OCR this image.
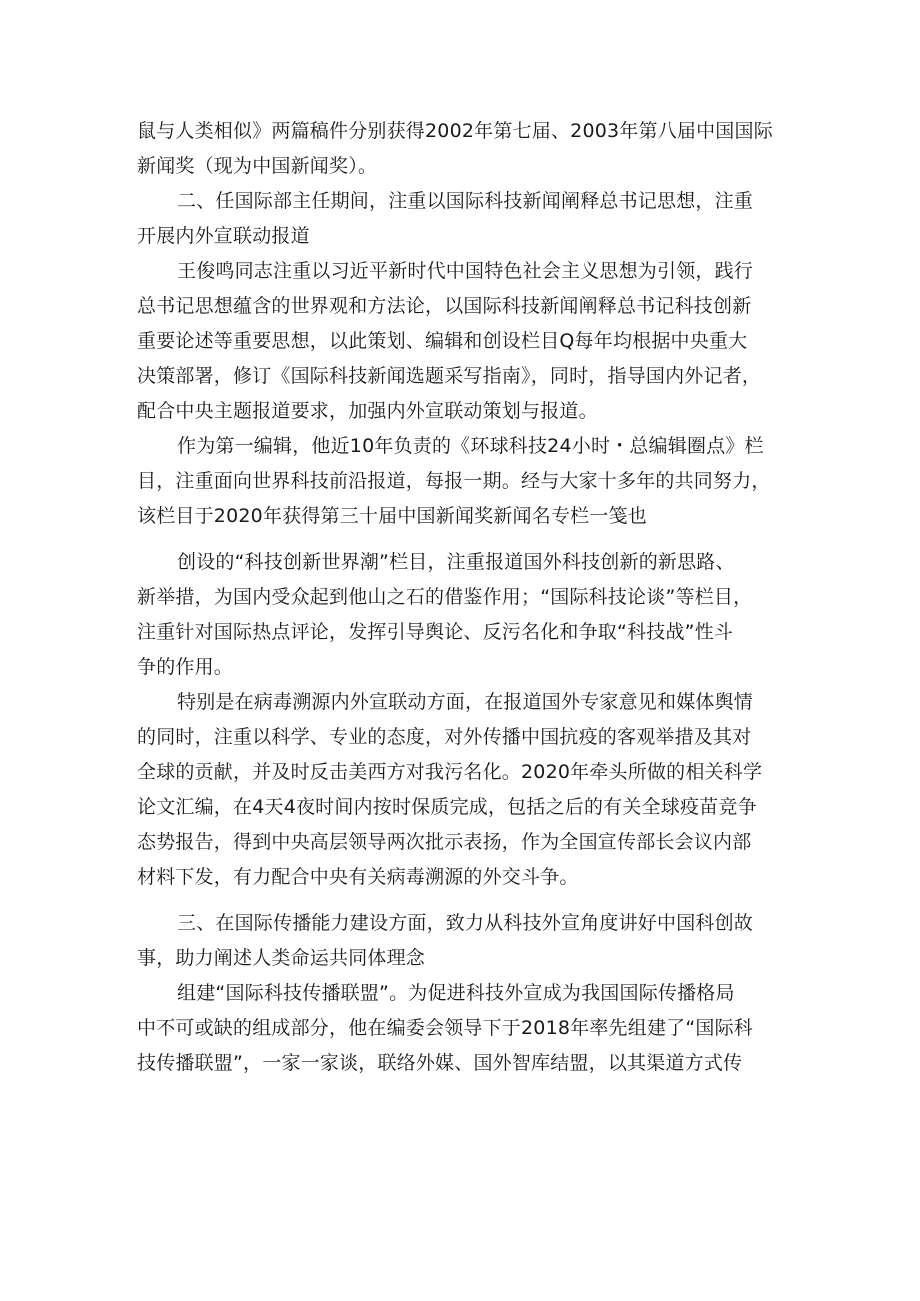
鼠与人类相似》两篇稿件分别获得2002年第七届、2003年第八届中国国际
新闻奖（现为中国新闻奖）。

二、任国际部主任期间，注重以国际科技新闻阐释总书记思想，注重
开展内外宣联动报道

王俊鸣同志注重以习近平新时代中国特色社会主义思想为引领，践行
总书记思想蕴含的世界观和方法论，以国际科技新闻阐释总书记科技创新
重要论述等重要思想，以此策划、编辑和创设栏目Q每年均根据中央重大
决策部署，修订《国际科技新闻选题采写指南》，同时，指导国内外记者，
配合中央主题报道要求，加强内外宣联动策划与报道。

作为第一编辑，他近10年负责的《环球科技24小时・总编辑圈点》栏
目，注重面向世界科技前沿报道，每报一期。经与大家十多年的共同努力，
该栏目于2020年获得第三十届中国新闻奖新闻名专栏一笺也

创设的“科技创新世界潮”栏目，注重报道国外科技创新的新思路、
新举措，为国内受众起到他山之石的借鉴作用；“国际科技论谈”等栏目，
注重针对国际热点评论，发挥引导舆论、反污名化和争取“科技战”性斗
争的作用。

特别是在病毒溯源内外宣联动方面，在报道国外专家意见和媒体舆情
的同时，注重以科学、专业的态度，对外传播中国抗疫的客观举措及其对
全球的贡献，并及时反击美西方对我污名化。2020年牵头所做的相关科学
论文汇编，在4天4夜时间内按时保质完成，包括之后的有关全球疫苗竞争
态势报告，得到中央高层领导两次批示表扬，作为全国宣传部长会议内部
材料下发，有力配合中央有关病毒溯源的外交斗争。

三、在国际传播能力建设方面，致力从科技外宣角度讲好中国科创故
事，助力阐述人类命运共同体理念

组建“国际科技传播联盟”。为促进科技外宣成为我国国际传播格局
中不可或缺的组成部分，他在编委会领导下于2018年率先组建了“国际科
技传播联盟”，一家一家谈，联络外媒、国外智库结盟，以其渠道方式传
